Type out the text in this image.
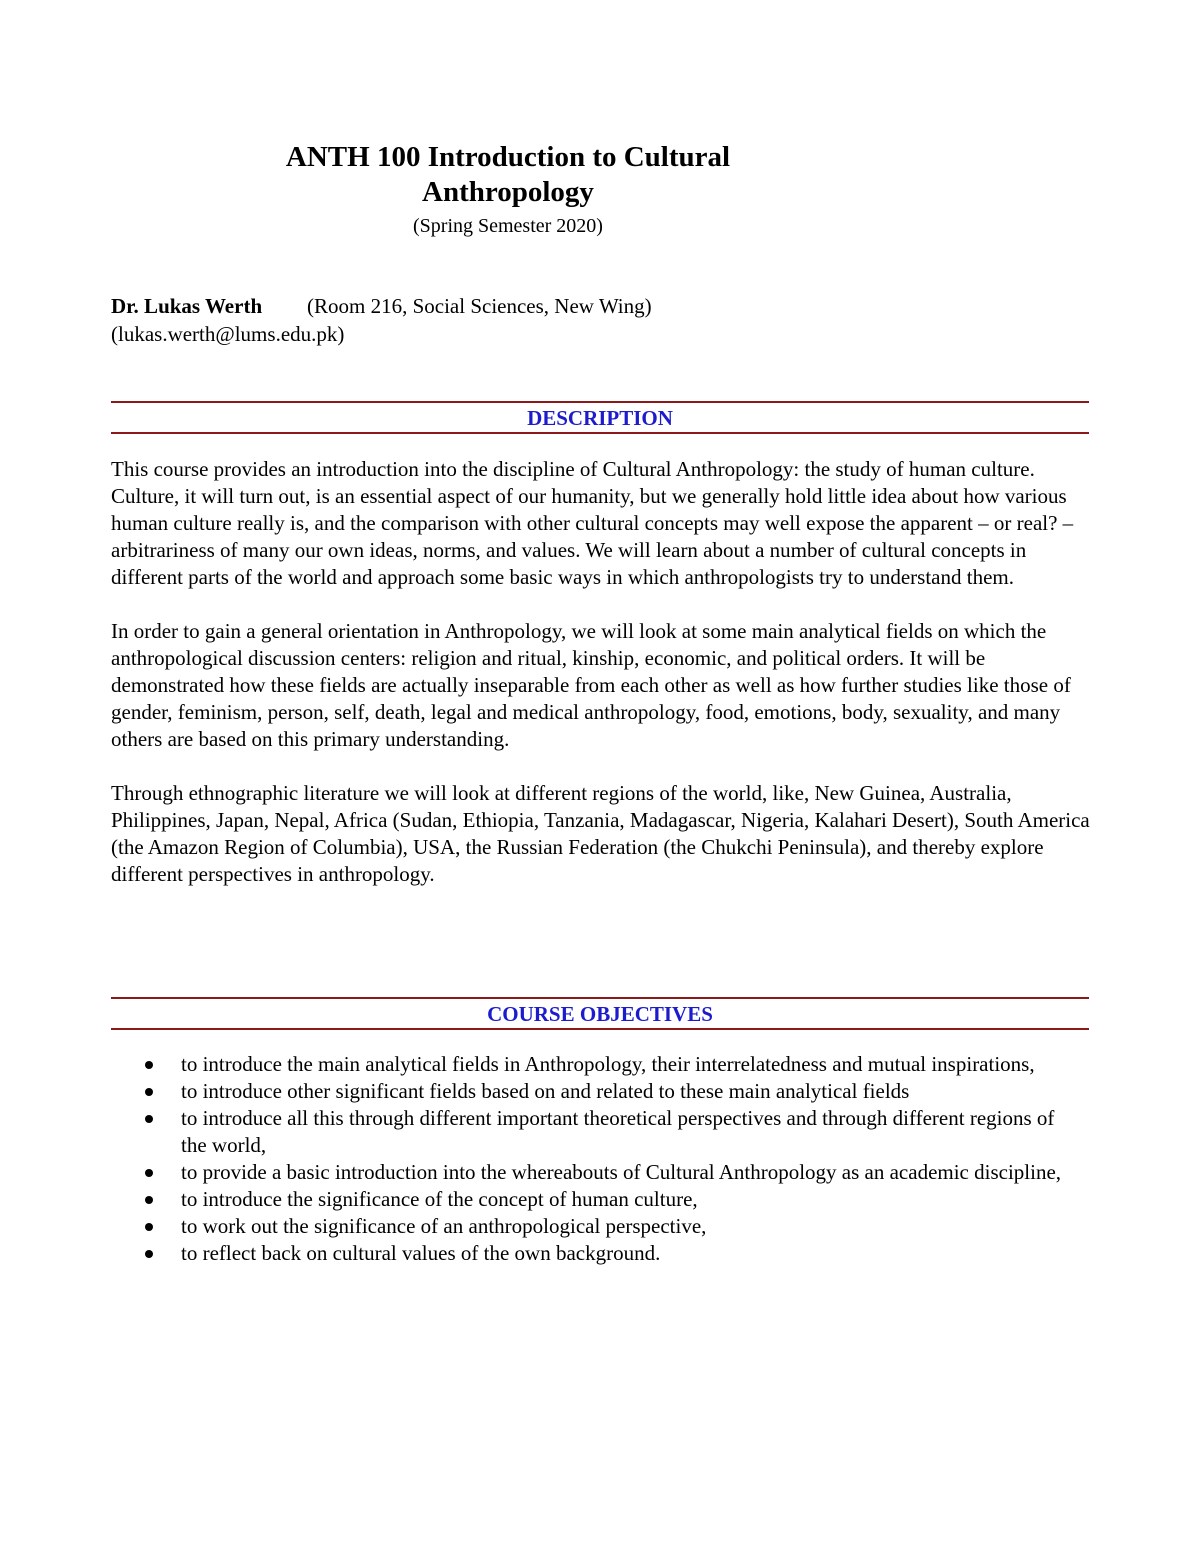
ANTH 100 Introduction to Cultural
Anthropology
(Spring Semester 2020)
Dr. Lukas Werth (Room 216, Social Sciences, New Wing)
(lukas.werth@lums.edu.pk)
DESCRIPTION

This course provides an introduction into the discipline of Cultural Anthropology: the study of human culture. Culture, it will turn out, is an essential aspect of our humanity, but we generally hold little idea about how various human culture really is, and the comparison with other cultural concepts may well expose the apparent – or real? – arbitrariness of many our own ideas, norms, and values. We will learn about a number of cultural concepts in different parts of the world and approach some basic ways in which anthropologists try to understand them.

In order to gain a general orientation in Anthropology, we will look at some main analytical fields on which the anthropological discussion centers: religion and ritual, kinship, economic, and political orders. It will be demonstrated how these fields are actually inseparable from each other as well as how further studies like those of gender, feminism, person, self, death, legal and medical anthropology, food, emotions, body, sexuality, and many others are based on this primary understanding.

Through ethnographic literature we will look at different regions of the world, like, New Guinea, Australia, Philippines, Japan, Nepal, Africa (Sudan, Ethiopia, Tanzania, Madagascar, Nigeria, Kalahari Desert), South America (the Amazon Region of Columbia), USA, the Russian Federation (the Chukchi Peninsula), and thereby explore different perspectives in anthropology.

COURSE OBJECTIVES
to introduce the main analytical fields in Anthropology, their interrelatedness and mutual inspirations,
to introduce other significant fields based on and related to these main analytical fields
to introduce all this through different important theoretical perspectives and through different regions of the world,
to provide a basic introduction into the whereabouts of Cultural Anthropology as an academic discipline,
to introduce the significance of the concept of human culture,
to work out the significance of an anthropological perspective,
to reflect back on cultural values of the own background.
